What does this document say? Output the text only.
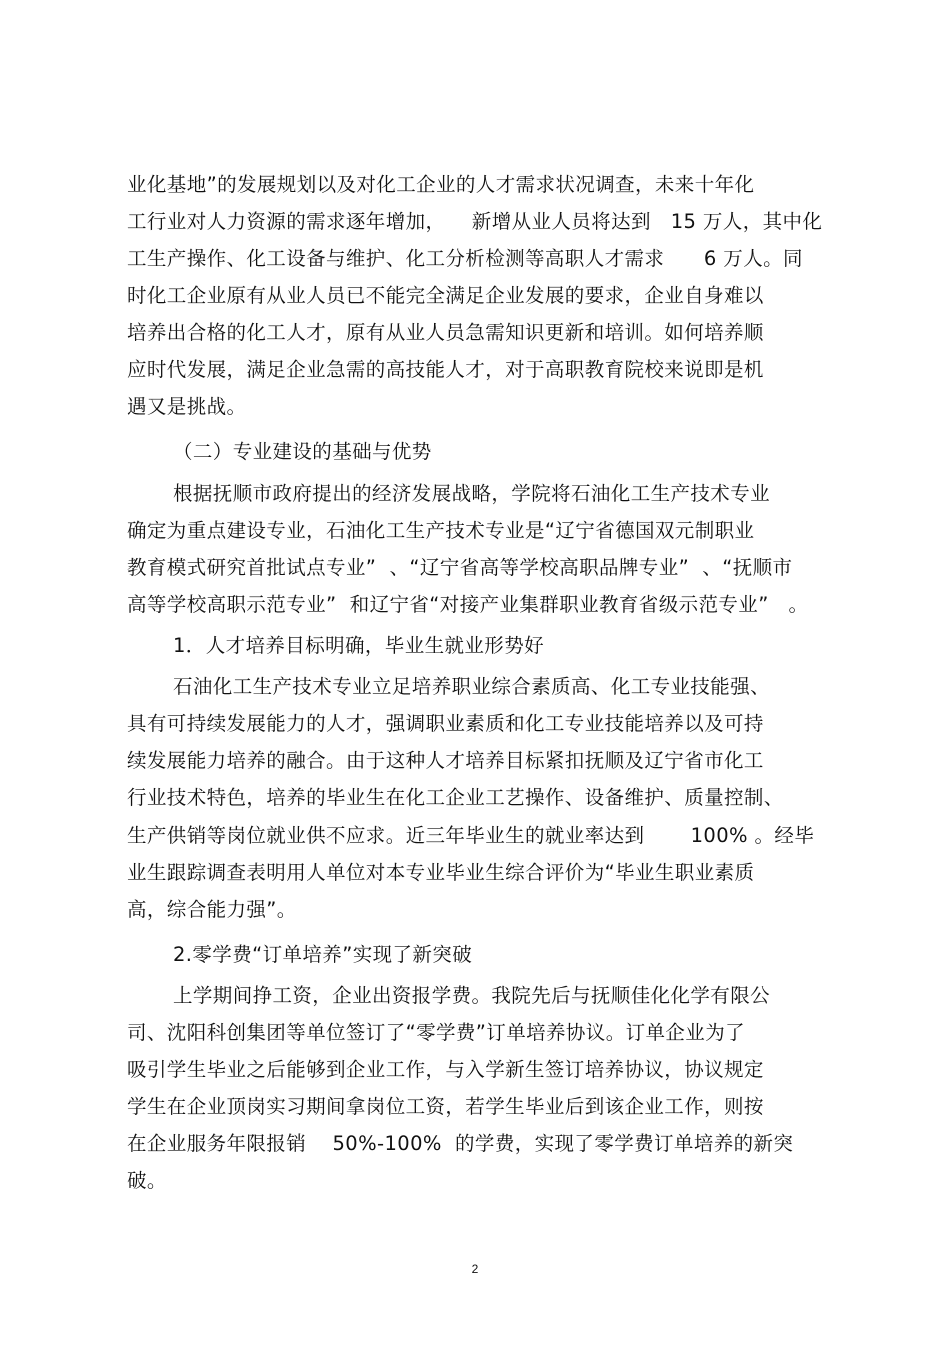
业化基地”的发展规划以及对化工企业的人才需求状况调查，未来十年化
工行业对人力资源的需求逐年增加，    新增从业人员将达到   15 万人，其中化
工生产操作、化工设备与维护、化工分析检测等高职人才需求      6 万人。同
时化工企业原有从业人员已不能完全满足企业发展的要求，企业自身难以
培养出合格的化工人才，原有从业人员急需知识更新和培训。如何培养顺
应时代发展，满足企业急需的高技能人才，对于高职教育院校来说即是机
遇又是挑战。
（二）专业建设的基础与优势
根据抚顺市政府提出的经济发展战略，学院将石油化工生产技术专业
确定为重点建设专业，石油化工生产技术专业是“辽宁省德国双元制职业
教育模式研究首批试点专业”  、“辽宁省高等学校高职品牌专业”  、“抚顺市
高等学校高职示范专业”  和辽宁省“对接产业集群职业教育省级示范专业”   。
1．人才培养目标明确，毕业生就业形势好
石油化工生产技术专业立足培养职业综合素质高、化工专业技能强、
具有可持续发展能力的人才，强调职业素质和化工专业技能培养以及可持
续发展能力培养的融合。由于这种人才培养目标紧扣抚顺及辽宁省市化工
行业技术特色，培养的毕业生在化工企业工艺操作、设备维护、质量控制、
生产供销等岗位就业供不应求。近三年毕业生的就业率达到       100% 。经毕
业生跟踪调查表明用人单位对本专业毕业生综合评价为“毕业生职业素质
高，综合能力强”。
2.零学费“订单培养”实现了新突破
上学期间挣工资，企业出资报学费。我院先后与抚顺佳化化学有限公
司、沈阳科创集团等单位签订了“零学费”订单培养协议。订单企业为了
吸引学生毕业之后能够到企业工作，与入学新生签订培养协议，协议规定
学生在企业顶岗实习期间拿岗位工资，若学生毕业后到该企业工作，则按
在企业服务年限报销    50%-100%  的学费，实现了零学费订单培养的新突
破。
2
